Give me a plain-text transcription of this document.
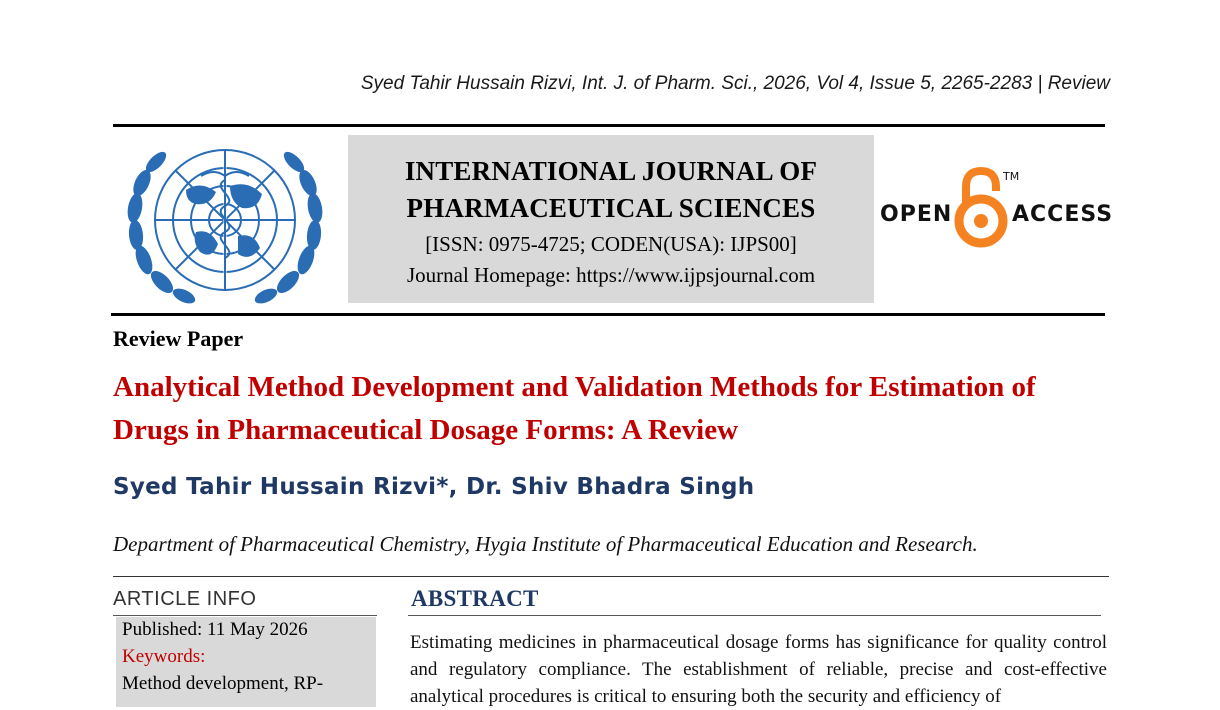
Syed Tahir Hussain Rizvi, Int. J. of Pharm. Sci., 2026, Vol 4, Issue 5, 2265-2283 | Review
INTERNATIONAL JOURNAL OF
PHARMACEUTICAL SCIENCES
[ISSN: 0975-4725; CODEN(USA): IJPS00]
Journal Homepage: https://www.ijpsjournal.com
OPEN
TM
ACCESS
Review Paper
Analytical Method Development and Validation Methods for Estimation of Drugs in Pharmaceutical Dosage Forms: A Review
Syed Tahir Hussain Rizvi*, Dr. Shiv Bhadra Singh
Department of Pharmaceutical Chemistry, Hygia Institute of Pharmaceutical Education and Research.
ARTICLE INFO
Published: 11 May 2026
Keywords:
Method development, RP-
ABSTRACT
Estimating medicines in pharmaceutical dosage forms has significance for quality control and regulatory compliance. The establishment of reliable, precise and cost-effective analytical procedures is critical to ensuring both the security and efficiency of
